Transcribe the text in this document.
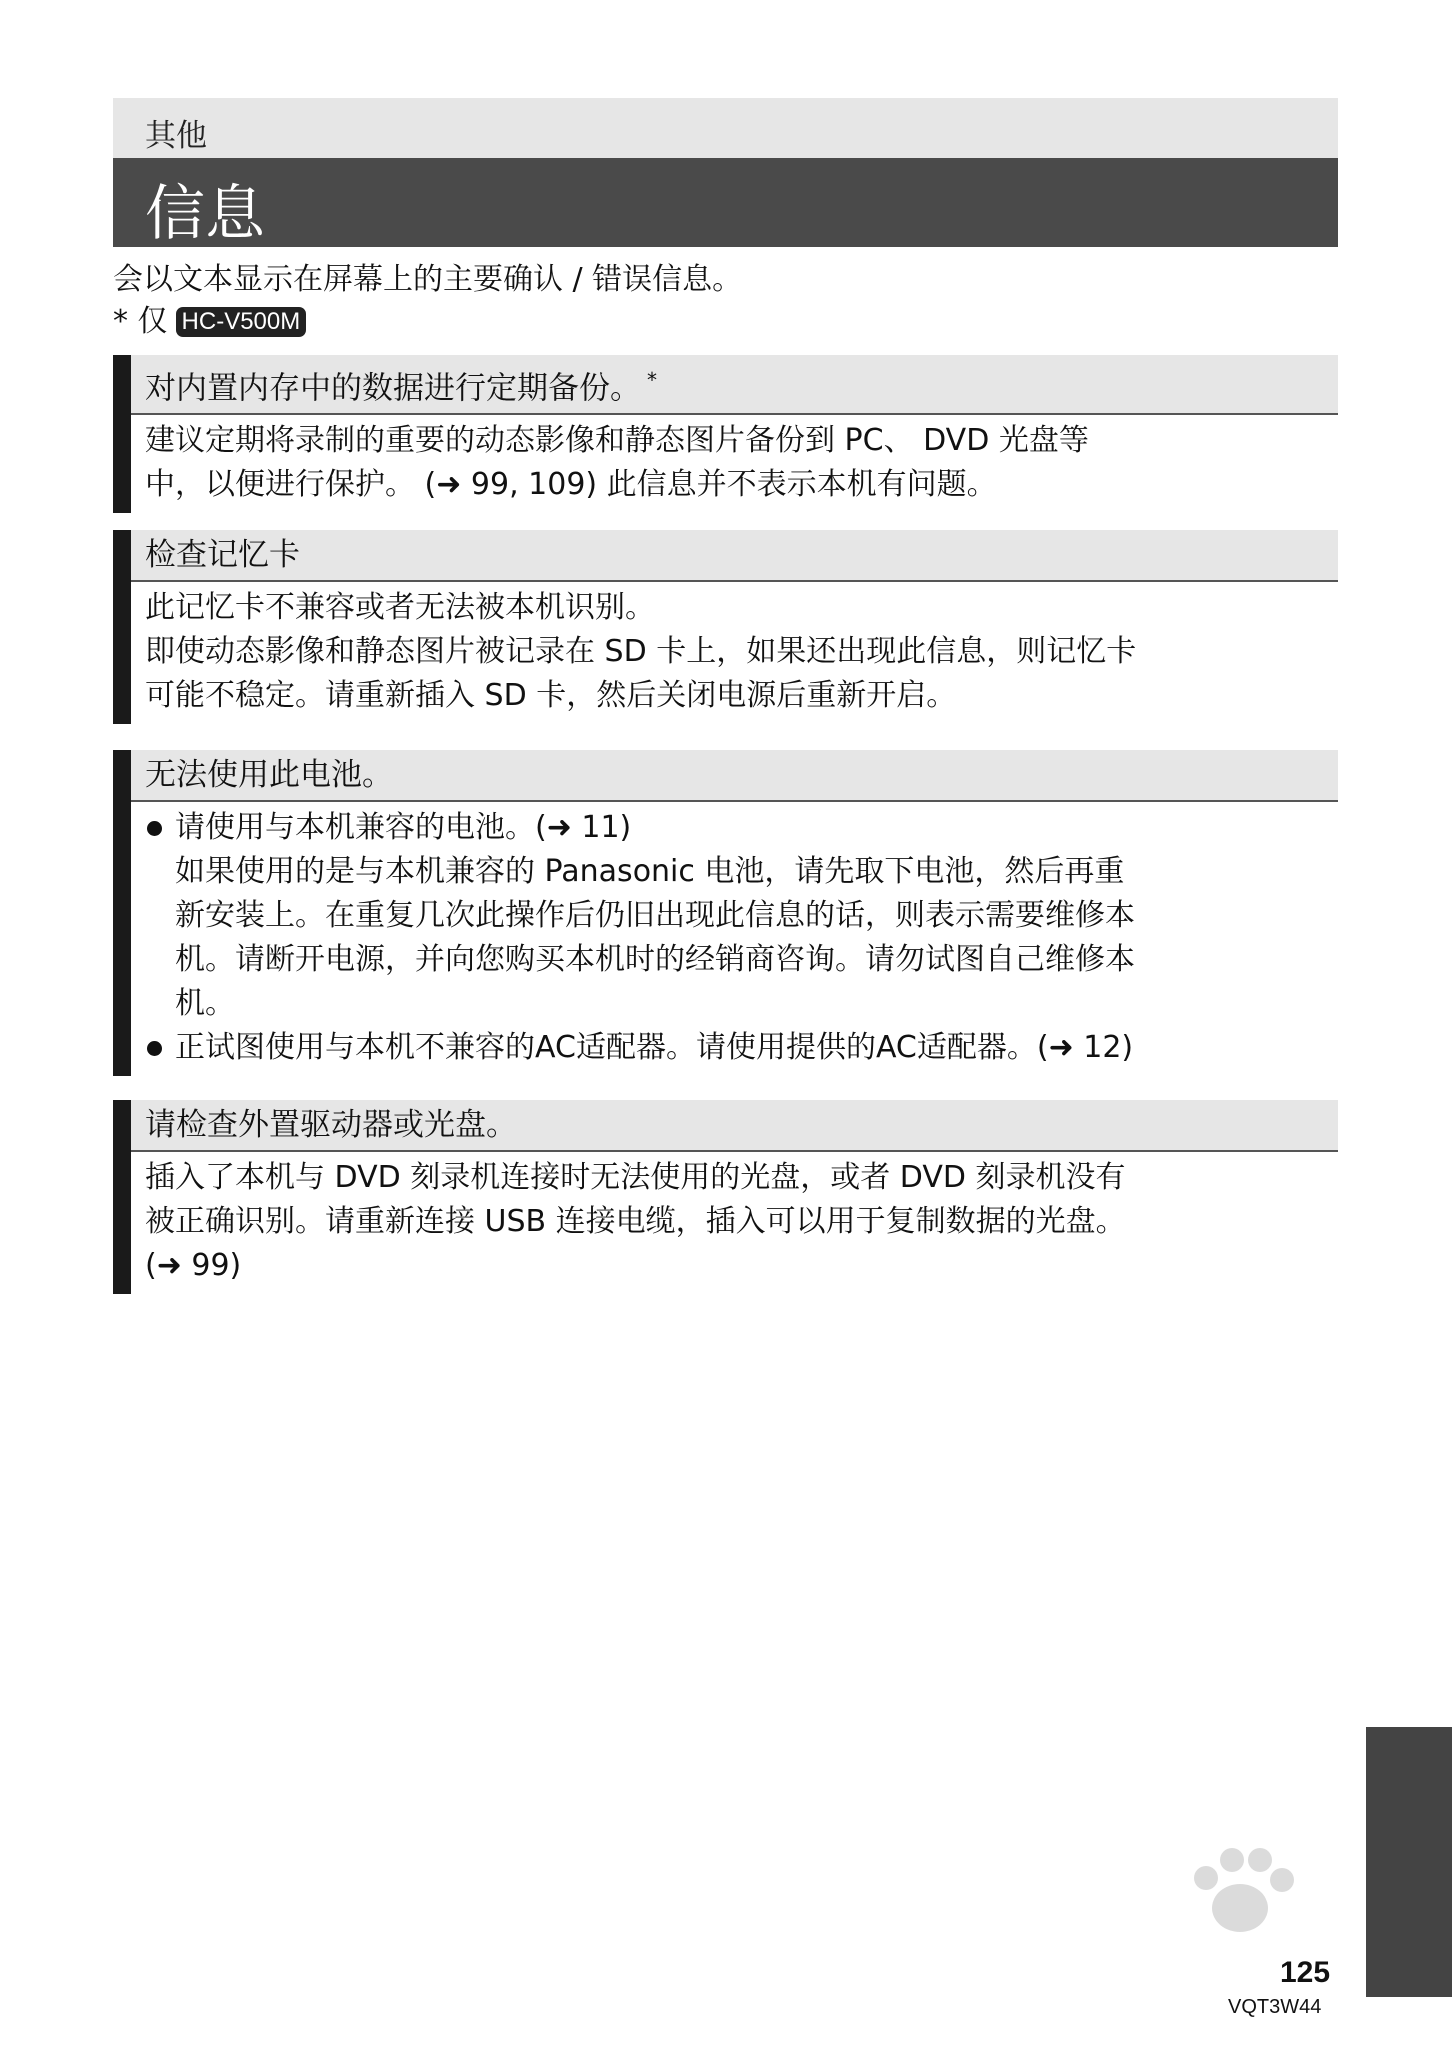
其他
信息
会以文本显示在屏幕上的主要确认 / 错误信息。
* 仅 HC-V500M
对内置内存中的数据进行定期备份。 *
建议定期将录制的重要的动态影像和静态图片备份到 PC、 DVD 光盘等
中，以便进行保护。 (➜ 99, 109) 此信息并不表示本机有问题。
检查记忆卡
此记忆卡不兼容或者无法被本机识别。
即使动态影像和静态图片被记录在 SD 卡上，如果还出现此信息，则记忆卡
可能不稳定。请重新插入 SD 卡，然后关闭电源后重新开启。
无法使用此电池。
请使用与本机兼容的电池。(➜ 11)
如果使用的是与本机兼容的 Panasonic 电池，请先取下电池，然后再重
新安装上。在重复几次此操作后仍旧出现此信息的话，则表示需要维修本
机。请断开电源，并向您购买本机时的经销商咨询。请勿试图自己维修本
机。
正试图使用与本机不兼容的AC适配器。请使用提供的AC适配器。(➜ 12)
请检查外置驱动器或光盘。
插入了本机与 DVD 刻录机连接时无法使用的光盘，或者 DVD 刻录机没有
被正确识别。请重新连接 USB 连接电缆，插入可以用于复制数据的光盘。
(➜ 99)
125
VQT3W44
